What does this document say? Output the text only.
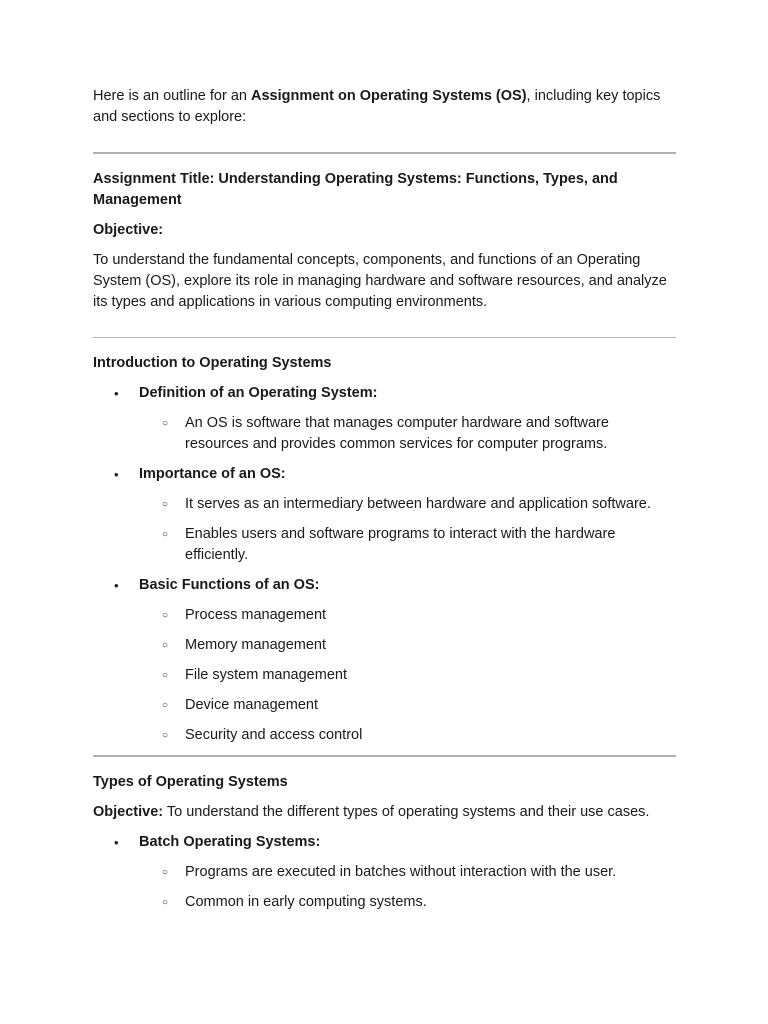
Here is an outline for an Assignment on Operating Systems (OS), including key topics and sections to explore:

Assignment Title: Understanding Operating Systems: Functions, Types, and Management

Objective:

To understand the fundamental concepts, components, and functions of an Operating System (OS), explore its role in managing hardware and software resources, and analyze its types and applications in various computing environments.

Introduction to Operating Systems

• Definition of an Operating System:
○ An OS is software that manages computer hardware and software resources and provides common services for computer programs.
• Importance of an OS:
○ It serves as an intermediary between hardware and application software.
○ Enables users and software programs to interact with the hardware efficiently.
• Basic Functions of an OS:
○ Process management
○ Memory management
○ File system management
○ Device management
○ Security and access control

Types of Operating Systems

Objective: To understand the different types of operating systems and their use cases.

• Batch Operating Systems:
○ Programs are executed in batches without interaction with the user.
○ Common in early computing systems.
